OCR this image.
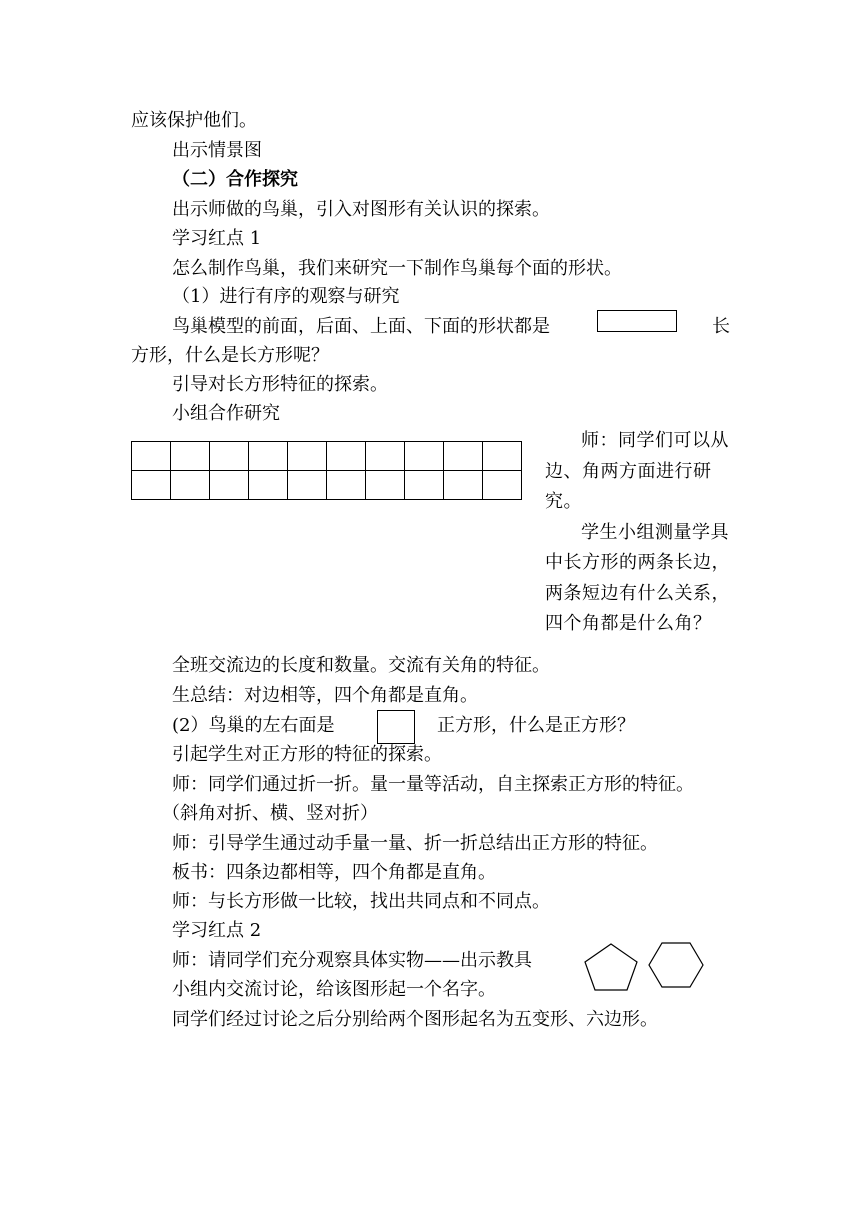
应该保护他们。
出示情景图
（二）合作探究
出示师做的鸟巢，引入对图形有关认识的探索。
学习红点 1
怎么制作鸟巢，我们来研究一下制作鸟巢每个面的形状。
（1）进行有序的观察与研究
鸟巢模型的前面，后面、上面、下面的形状都是	长
方形，什么是长方形呢？
引导对长方形特征的探索。
小组合作研究

师：同学们可以从边、角两方面进行研究。

学生小组测量学具中长方形的两条长边，两条短边有什么关系，四个角都是什么角？

全班交流边的长度和数量。交流有关角的特征。
生总结：对边相等，四个角都是直角。
(2）鸟巢的左右面是	正方形，什么是正方形？
引起学生对正方形的特征的探索。
师：同学们通过折一折。量一量等活动，自主探索正方形的特征。
（斜角对折、横、竖对折）
师：引导学生通过动手量一量、折一折总结出正方形的特征。
板书：四条边都相等，四个角都是直角。
师：与长方形做一比较，找出共同点和不同点。
学习红点 2
师：请同学们充分观察具体实物——出示教具
小组内交流讨论，给该图形起一个名字。
同学们经过讨论之后分别给两个图形起名为五变形、六边形。
